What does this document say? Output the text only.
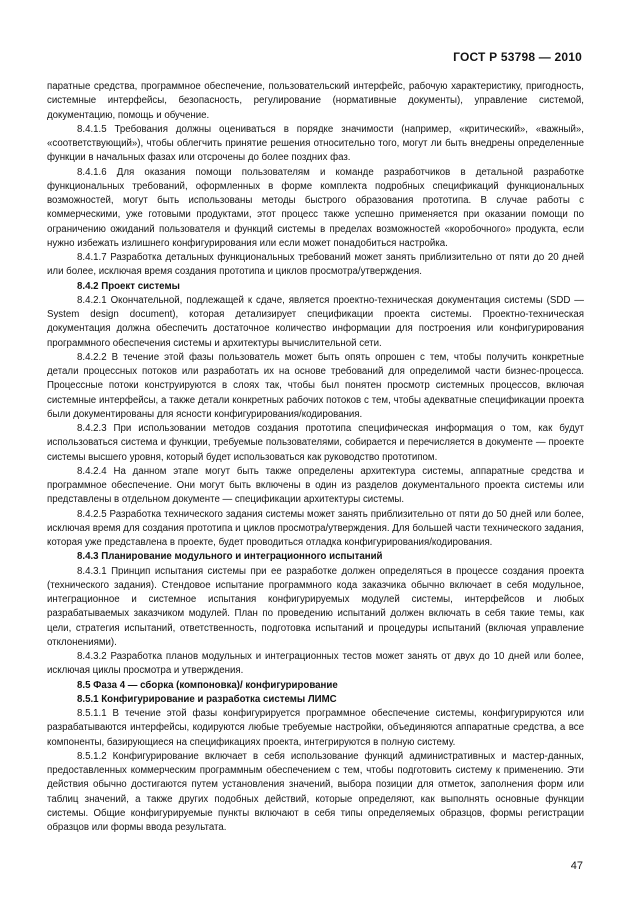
ГОСТ Р 53798 — 2010

паратные средства, программное обеспечение, пользовательский интерфейс, рабочую характеристику, пригодность, системные интерфейсы, безопасность, регулирование (нормативные документы), управление системой, документацию, помощь и обучение.

8.4.1.5 Требования должны оцениваться в порядке значимости (например, «критический», «важный», «соответствующий»), чтобы облегчить принятие решения относительно того, могут ли быть внедрены определенные функции в начальных фазах или отсрочены до более поздних фаз.

8.4.1.6 Для оказания помощи пользователям и команде разработчиков в детальной разработке функциональных требований, оформленных в форме комплекта подробных спецификаций функциональных возможностей, могут быть использованы методы быстрого образования прототипа. В случае работы с коммерческими, уже готовыми продуктами, этот процесс также успешно применяется при оказании помощи по ограничению ожиданий пользователя и функций системы в пределах возможностей «коробочного» продукта, если нужно избежать излишнего конфигурирования или если может понадобиться настройка.

8.4.1.7 Разработка детальных функциональных требований может занять приблизительно от пяти до 20 дней или более, исключая время создания прототипа и циклов просмотра/утверждения.

8.4.2 Проект системы

8.4.2.1 Окончательной, подлежащей к сдаче, является проектно-техническая документация системы (SDD — System design document), которая детализирует спецификации проекта системы. Проектно-техническая документация должна обеспечить достаточное количество информации для построения или конфигурирования программного обеспечения системы и архитектуры вычислительной сети.

8.4.2.2 В течение этой фазы пользователь может быть опять опрошен с тем, чтобы получить конкретные детали процессных потоков или разработать их на основе требований для определимой части бизнес-процесса. Процессные потоки конструируются в слоях так, чтобы был понятен просмотр системных процессов, включая системные интерфейсы, а также детали конкретных рабочих потоков с тем, чтобы адекватные спецификации проекта были документированы для ясности конфигурирования/кодирования.

8.4.2.3 При использовании методов создания прототипа специфическая информация о том, как будут использоваться система и функции, требуемые пользователями, собирается и перечисляется в документе — проекте системы высшего уровня, который будет использоваться как руководство прототипом.

8.4.2.4 На данном этапе могут быть также определены архитектура системы, аппаратные средства и программное обеспечение. Они могут быть включены в один из разделов документального проекта системы или представлены в отдельном документе — спецификации архитектуры системы.

8.4.2.5 Разработка технического задания системы может занять приблизительно от пяти до 50 дней или более, исключая время для создания прототипа и циклов просмотра/утверждения. Для большей части технического задания, которая уже представлена в проекте, будет проводиться отладка конфигурирования/кодирования.

8.4.3 Планирование модульного и интеграционного испытаний

8.4.3.1 Принцип испытания системы при ее разработке должен определяться в процессе создания проекта (технического задания). Стендовое испытание программного кода заказчика обычно включает в себя модульное, интеграционное и системное испытания конфигурируемых модулей системы, интерфейсов и любых разрабатываемых заказчиком модулей. План по проведению испытаний должен включать в себя такие темы, как цели, стратегия испытаний, ответственность, подготовка испытаний и процедуры испытаний (включая управление отклонениями).

8.4.3.2 Разработка планов модульных и интеграционных тестов может занять от двух до 10 дней или более, исключая циклы просмотра и утверждения.

8.5 Фаза 4 — сборка (компоновка)/ конфигурирование

8.5.1 Конфигурирование и разработка системы ЛИМС

8.5.1.1 В течение этой фазы конфигурируется программное обеспечение системы, конфигурируются или разрабатываются интерфейсы, кодируются любые требуемые настройки, объединяются аппаратные средства, а все компоненты, базирующиеся на спецификациях проекта, интегрируются в полную систему.

8.5.1.2 Конфигурирование включает в себя использование функций административных и мастер-данных, предоставленных коммерческим программным обеспечением с тем, чтобы подготовить систему к применению. Эти действия обычно достигаются путем установления значений, выбора позиции для отметок, заполнения форм или таблиц значений, а также других подобных действий, которые определяют, как выполнять основные функции системы. Общие конфигурируемые пункты включают в себя типы определяемых образцов, формы регистрации образцов или формы ввода результата.

47
